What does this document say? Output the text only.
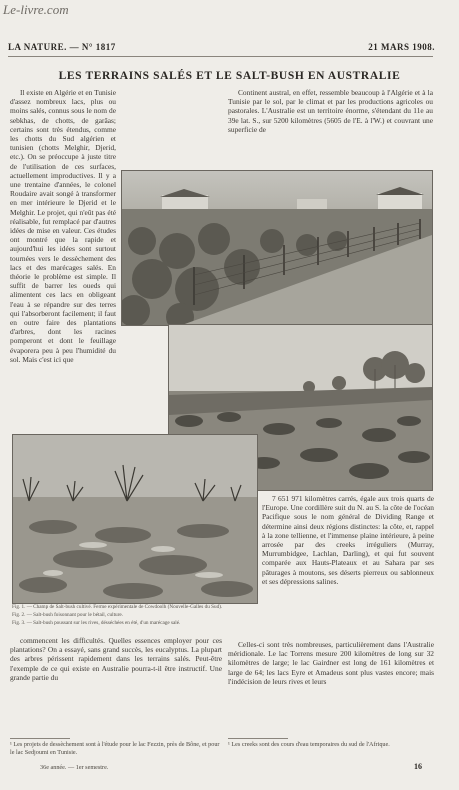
Le-livre.com
LA NATURE. — N° 1817	21 MARS 1908.
LES TERRAINS SALÉS ET LE SALT-BUSH EN AUSTRALIE

Il existe en Algérie et en Tunisie d'assez nombreux lacs, plus ou moins salés, connus sous le nom de sebkhas, de chotts, de garâas; certains sont très étendus, comme les chotts du Sud algérien et tunisien (chotts Melghir, Djerid, etc.). On se préoccupe à juste titre de l'utilisation de ces surfaces, actuellement improductives. Il y a une trentaine d'années, le colonel Roudaire avait songé à transformer en mer intérieure le Djerid et le Melghir. Le projet, qui n'eût pas été réalisable, fut remplacé par d'autres idées de mise en valeur. Ces études ont montré que la rapide et aujourd'hui les idées sont surtout tournées vers le dessèchement des lacs et des marécages salés. En théorie le problème est simple. Il suffit de barrer les oueds qui alimentent ces lacs en obligeant l'eau à se répandre sur des terres qui l'absorberont facilement; il faut en outre faire des plantations d'arbres, dont les racines pomperont et dont le feuillage évaporera peu à peu l'humidité du sol. Mais c'est ici que

Continent austral, en effet, ressemble beaucoup à l'Algérie et à la Tunisie par le sol, par le climat et par les productions agricoles ou pastorales. L'Australie est un territoire énorme, s'étendant du 11e au 39e lat. S., sur 5200 kilomètres (5605 de l'E. à l'W.) et couvrant une superficie de

7 651 971 kilomètres carrés, égale aux trois quarts de l'Europe. Une cordillère suit du N. au S. la côte de l'océan Pacifique sous le nom général de Dividing Range et détermine ainsi deux régions distinctes: la côte, et, rappel à la zone tellienne, et l'immense plaine intérieure, à peine arrosée par des creeks irréguliers (Murray, Murrumbidgee, Lachlan, Darling), et qui fut souvent comparée aux Hauts-Plateaux et au Sahara par ses pâturages à moutons, ses déserts pierreux ou sablonneux et ses dépressions salines.

Fig. 1. — Champ de Salt-bush cultivé. Ferme expérimentale de Cowdoolh (Nouvelle-Galles du Sud).
Fig. 2. — Salt-bush foisonnant pour le bétail, culture.
Fig. 3. — Salt-bush poussant sur les rives, désséchées en été, d'un marécage salé.

commencent les difficultés. Quelles essences employer pour ces plantations? On a essayé, sans grand succès, les eucalyptus. La plupart des arbres périssent rapidement dans les terrains salés. Peut-être l'exemple de ce qui existe en Australie pourra-t-il être instructif. Une grande partie du

Celles-ci sont très nombreuses, particulièrement dans l'Australie méridionale. Le lac Torrens mesure 200 kilomètres de long sur 32 kilomètres de large; le lac Gairdner est long de 161 kilomètres et large de 64; les lacs Eyre et Amadeus sont plus vastes encore; mais l'indécision de leurs rives et leurs

¹ Les projets de dessèchement sont à l'étude pour le lac Fezzin, près de Bône, et pour le lac Sedjoumi en Tunisie.
¹ Les creeks sont des cours d'eau temporaires du sud de l'Afrique.
36e année. — 1er semestre.	16
